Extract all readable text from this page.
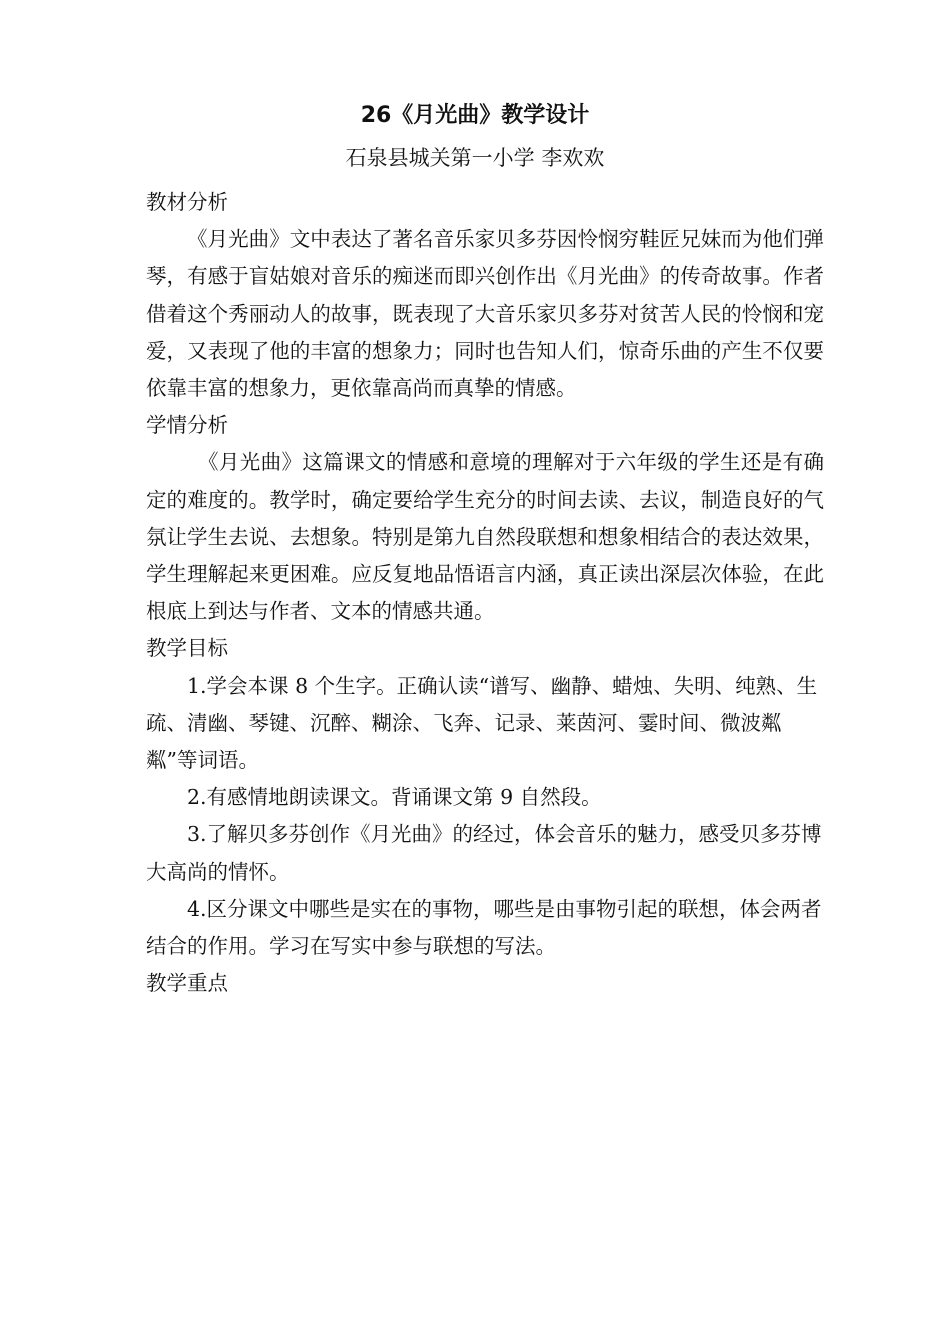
26《月光曲》教学设计
石泉县城关第一小学 李欢欢

教材分析

《月光曲》文中表达了著名音乐家贝多芬因怜悯穷鞋匠兄妹而为他们弹琴，有感于盲姑娘对音乐的痴迷而即兴创作出《月光曲》的传奇故事。作者借着这个秀丽动人的故事，既表现了大音乐家贝多芬对贫苦人民的怜悯和宠爱，又表现了他的丰富的想象力；同时也告知人们，惊奇乐曲的产生不仅要依靠丰富的想象力，更依靠高尚而真挚的情感。

学情分析

《月光曲》这篇课文的情感和意境的理解对于六年级的学生还是有确定的难度的。教学时，确定要给学生充分的时间去读、去议，制造良好的气氛让学生去说、去想象。特别是第九自然段联想和想象相结合的表达效果，学生理解起来更困难。应反复地品悟语言内涵，真正读出深层次体验，在此根底上到达与作者、文本的情感共通。

教学目标

1.学会本课 8 个生字。正确认读“谱写、幽静、蜡烛、失明、纯熟、生疏、清幽、琴键、沉醉、糊涂、飞奔、记录、莱茵河、霎时间、微波粼粼”等词语。

2.有感情地朗读课文。背诵课文第 9 自然段。

3.了解贝多芬创作《月光曲》的经过，体会音乐的魅力，感受贝多芬博大高尚的情怀。

4.区分课文中哪些是实在的事物，哪些是由事物引起的联想，体会两者结合的作用。学习在写实中参与联想的写法。

教学重点
